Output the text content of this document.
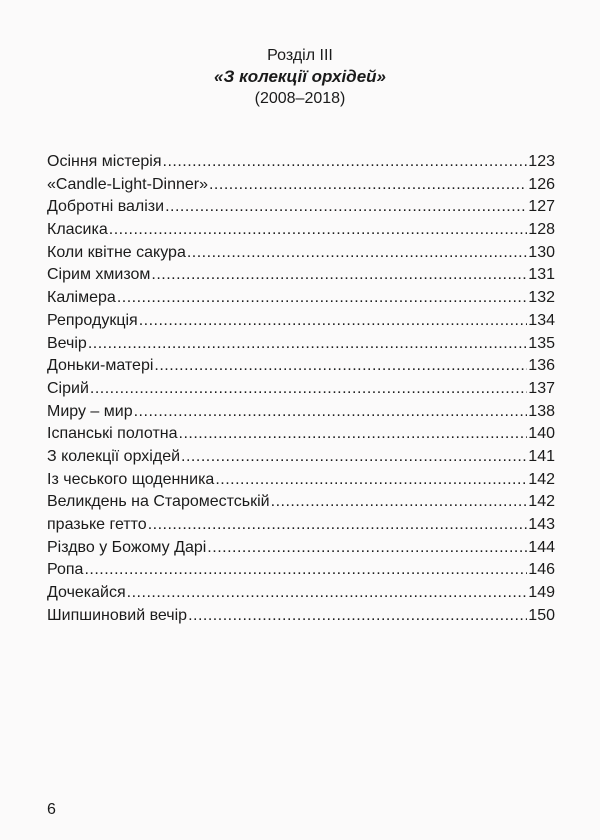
Розділ ІІІ
«З колекції орхідей»
(2008–2018)
Осіння містерія .....	123
«Candle-Light-Dinner» .....	126
Добротні валізи .....	127
Класика .....	128
Коли квітне сакура .....	130
Сірим хмизом .....	131
Калімера .....	132
Репродукція .....	134
Вечір .....	135
Доньки-матері .....	136
Сірий .....	137
Миру – мир .....	138
Іспанські полотна .....	140
З колекції орхідей .....	141
Із чеського щоденника .....	142
Великдень на Староместській .....	142
празьке гетто .....	143
Різдво у Божому Дарі .....	144
Ропа .....	146
Дочекайся .....	149
Шипшиновий вечір .....	150
6
